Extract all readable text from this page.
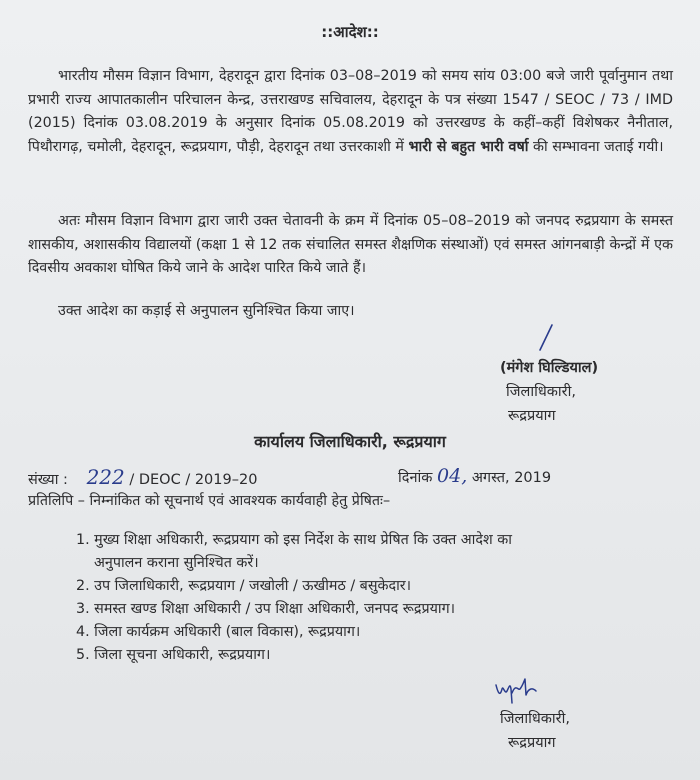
::आदेश::
भारतीय मौसम विज्ञान विभाग, देहरादून द्वारा दिनांक 03–08–2019 को समय सांय 03:00 बजे जारी पूर्वानुमान तथा प्रभारी राज्य आपातकालीन परिचालन केन्द्र, उत्तराखण्ड सचिवालय, देहरादून के पत्र संख्या 1547 / SEOC / 73 / IMD (2015) दिनांक 03.08.2019 के अनुसार दिनांक 05.08.2019 को उत्तरखण्ड के कहीं–कहीं विशेषकर नैनीताल, पिथौरागढ़, चमोली, देहरादून, रूद्रप्रयाग, पौड़ी, देहरादून तथा उत्तरकाशी में भारी से बहुत भारी वर्षा की सम्भावना जताई गयी।
अतः मौसम विज्ञान विभाग द्वारा जारी उक्त चेतावनी के क्रम में दिनांक 05–08–2019 को जनपद रुद्रप्रयाग के समस्त शासकीय, अशासकीय विद्यालयों (कक्षा 1 से 12 तक संचालित समस्त शैक्षणिक संस्थाओं) एवं समस्त आंगनबाड़ी केन्द्रों में एक दिवसीय अवकाश घोषित किये जाने के आदेश पारित किये जाते हैं।
उक्त आदेश का कड़ाई से अनुपालन सुनिश्चित किया जाए।
(मंगेश घिल्डियाल)
जिलाधिकारी,
रूद्रप्रयाग
कार्यालय जिलाधिकारी, रूद्रप्रयाग
संख्या : 222 / DEOC / 2019–20	दिनांक 04, अगस्त, 2019
प्रतिलिपि – निम्नांकित को सूचनार्थ एवं आवश्यक कार्यवाही हेतु प्रेषितः–
1. मुख्य शिक्षा अधिकारी, रूद्रप्रयाग को इस निर्देश के साथ प्रेषित कि उक्त आदेश का
अनुपालन कराना सुनिश्चित करें।
2. उप जिलाधिकारी, रूद्रप्रयाग / जखोली / ऊखीमठ / बसुकेदार।
3. समस्त खण्ड शिक्षा अधिकारी / उप शिक्षा अधिकारी, जनपद रूद्रप्रयाग।
4. जिला कार्यक्रम अधिकारी (बाल विकास), रूद्रप्रयाग।
5. जिला सूचना अधिकारी, रूद्रप्रयाग।
जिलाधिकारी,
रूद्रप्रयाग
